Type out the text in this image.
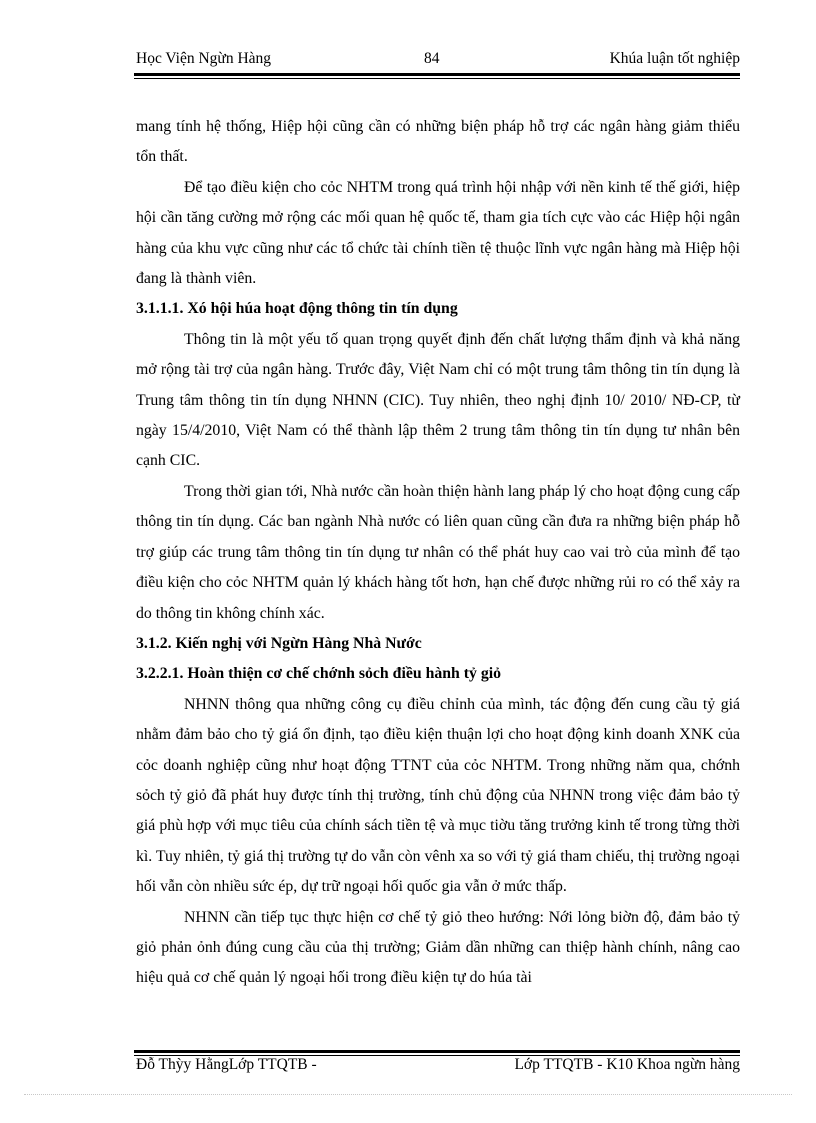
Học Viện Ngừn Hàng	84	Khúa luận tốt nghiệp

mang tính hệ thống, Hiệp hội cũng cần có những biện pháp hỗ trợ các ngân hàng giảm thiểu tổn thất.

Để tạo điều kiện cho cỏc NHTM trong quá trình hội nhập với nền kinh tế thế giới, hiệp hội cần tăng cường mở rộng các mối quan hệ quốc tế, tham gia tích cực vào các Hiệp hội ngân hàng của khu vực cũng như các tổ chức tài chính tiền tệ thuộc lĩnh vực ngân hàng mà Hiệp hội đang là thành viên.

3.1.1.1. Xó hội húa hoạt động thông tin tín dụng

Thông tin là một yếu tố quan trọng quyết định đến chất lượng thẩm định và khả năng mở rộng tài trợ của ngân hàng. Trước đây, Việt Nam chỉ có một trung tâm thông tin tín dụng là Trung tâm thông tin tín dụng NHNN (CIC). Tuy nhiên, theo nghị định 10/ 2010/ NĐ-CP, từ ngày 15/4/2010, Việt Nam có thể thành lập thêm 2 trung tâm thông tin tín dụng tư nhân bên cạnh CIC.

Trong thời gian tới, Nhà nước cần hoàn thiện hành lang pháp lý cho hoạt động cung cấp thông tin tín dụng. Các ban ngành Nhà nước có liên quan cũng cần đưa ra những biện pháp hỗ trợ giúp các trung tâm thông tin tín dụng tư nhân có thể phát huy cao vai trò của mình để tạo điều kiện cho cỏc NHTM quản lý khách hàng tốt hơn, hạn chế được những rủi ro có thể xảy ra do thông tin không chính xác.

3.1.2. Kiến nghị với Ngừn Hàng Nhà Nước

3.2.2.1. Hoàn thiện cơ chế chớnh sỏch điều hành tỷ giỏ

NHNN thông qua những công cụ điều chỉnh của mình, tác động đến cung cầu tỷ giá nhằm đảm bảo cho tỷ giá ổn định, tạo điều kiện thuận lợi cho hoạt động kinh doanh XNK của cỏc doanh nghiệp cũng như hoạt động TTNT của cỏc NHTM. Trong những năm qua, chớnh sỏch tỷ giỏ đã phát huy được tính thị trường, tính chủ động của NHNN trong việc đảm bảo tỷ giá phù hợp với mục tiêu của chính sách tiền tệ và mục tiờu tăng trưởng kinh tế trong từng thời kì. Tuy nhiên, tỷ giá thị trường tự do vẫn còn vênh xa so với tỷ giá tham chiếu, thị trường ngoại hối vẫn còn nhiều sức ép, dự trữ ngoại hối quốc gia vẫn ở mức thấp.

NHNN cần tiếp tục thực hiện cơ chế tỷ giỏ theo hướng: Nới lỏng biờn độ, đảm bảo tỷ giỏ phản ỏnh đúng cung cầu của thị trường; Giảm dần những can thiệp hành chính, nâng cao hiệu quả cơ chế quản lý ngoại hối trong điều kiện tự do húa tài

Đỗ Thỳy HằngLớp TTQTB -	Lớp TTQTB - K10 Khoa ngừn hàng
